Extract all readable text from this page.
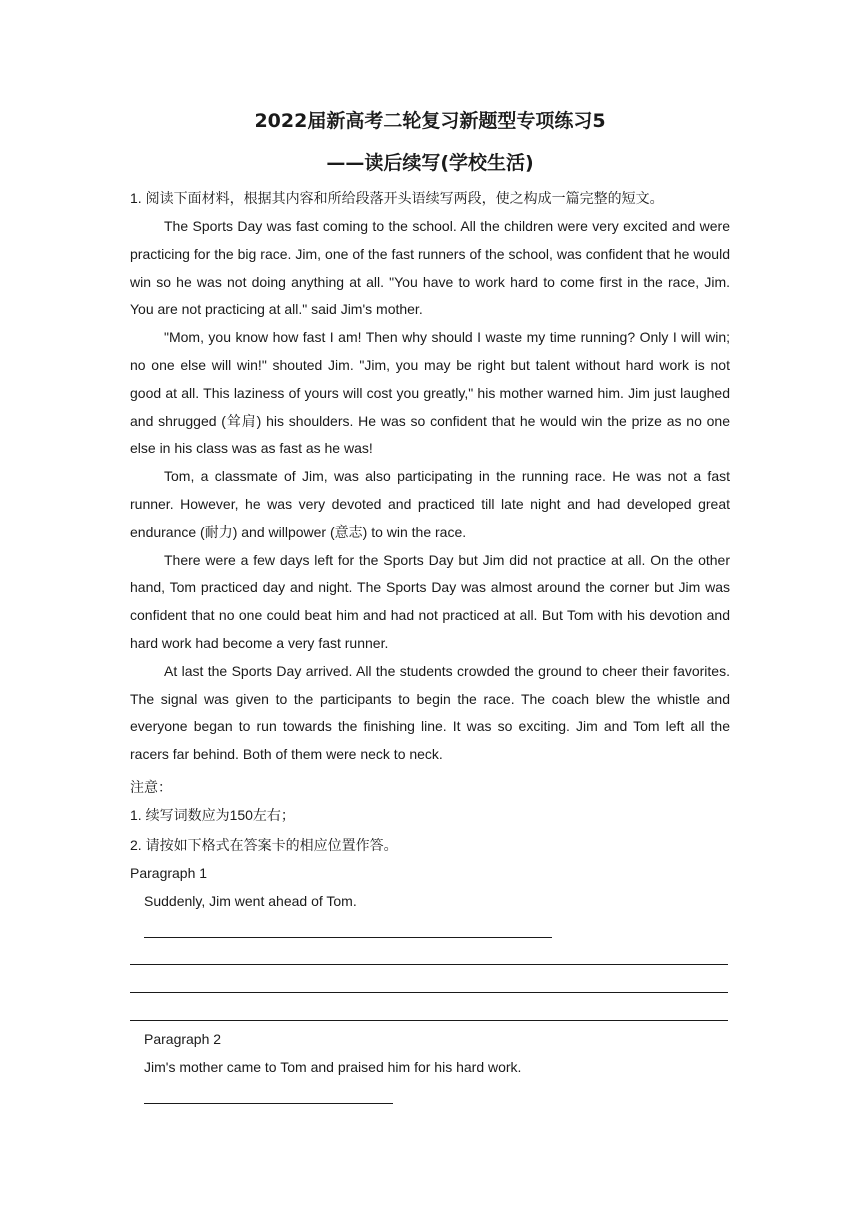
2022届新高考二轮复习新题型专项练习5
——读后续写(学校生活)
1. 阅读下面材料，根据其内容和所给段落开头语续写两段，使之构成一篇完整的短文。

The Sports Day was fast coming to the school. All the children were very excited and were practicing for the big race. Jim, one of the fast runners of the school, was confident that he would win so he was not doing anything at all. "You have to work hard to come first in the race, Jim. You are not practicing at all." said Jim's mother.

"Mom, you know how fast I am! Then why should I waste my time running? Only I will win; no one else will win!" shouted Jim. "Jim, you may be right but talent without hard work is not good at all. This laziness of yours will cost you greatly," his mother warned him. Jim just laughed and shrugged (耸肩) his shoulders. He was so confident that he would win the prize as no one else in his class was as fast as he was!

Tom, a classmate of Jim, was also participating in the running race. He was not a fast runner. However, he was very devoted and practiced till late night and had developed great endurance (耐力) and willpower (意志) to win the race.

There were a few days left for the Sports Day but Jim did not practice at all. On the other hand, Tom practiced day and night. The Sports Day was almost around the corner but Jim was confident that no one could beat him and had not practiced at all. But Tom with his devotion and hard work had become a very fast runner.

At last the Sports Day arrived. All the students crowded the ground to cheer their favorites. The signal was given to the participants to begin the race. The coach blew the whistle and everyone began to run towards the finishing line. It was so exciting. Jim and Tom left all the racers far behind. Both of them were neck to neck.

注意：
1. 续写词数应为150左右；
2. 请按如下格式在答案卡的相应位置作答。
Paragraph 1
Suddenly, Jim went ahead of Tom.
Paragraph 2
Jim's mother came to Tom and praised him for his hard work.
